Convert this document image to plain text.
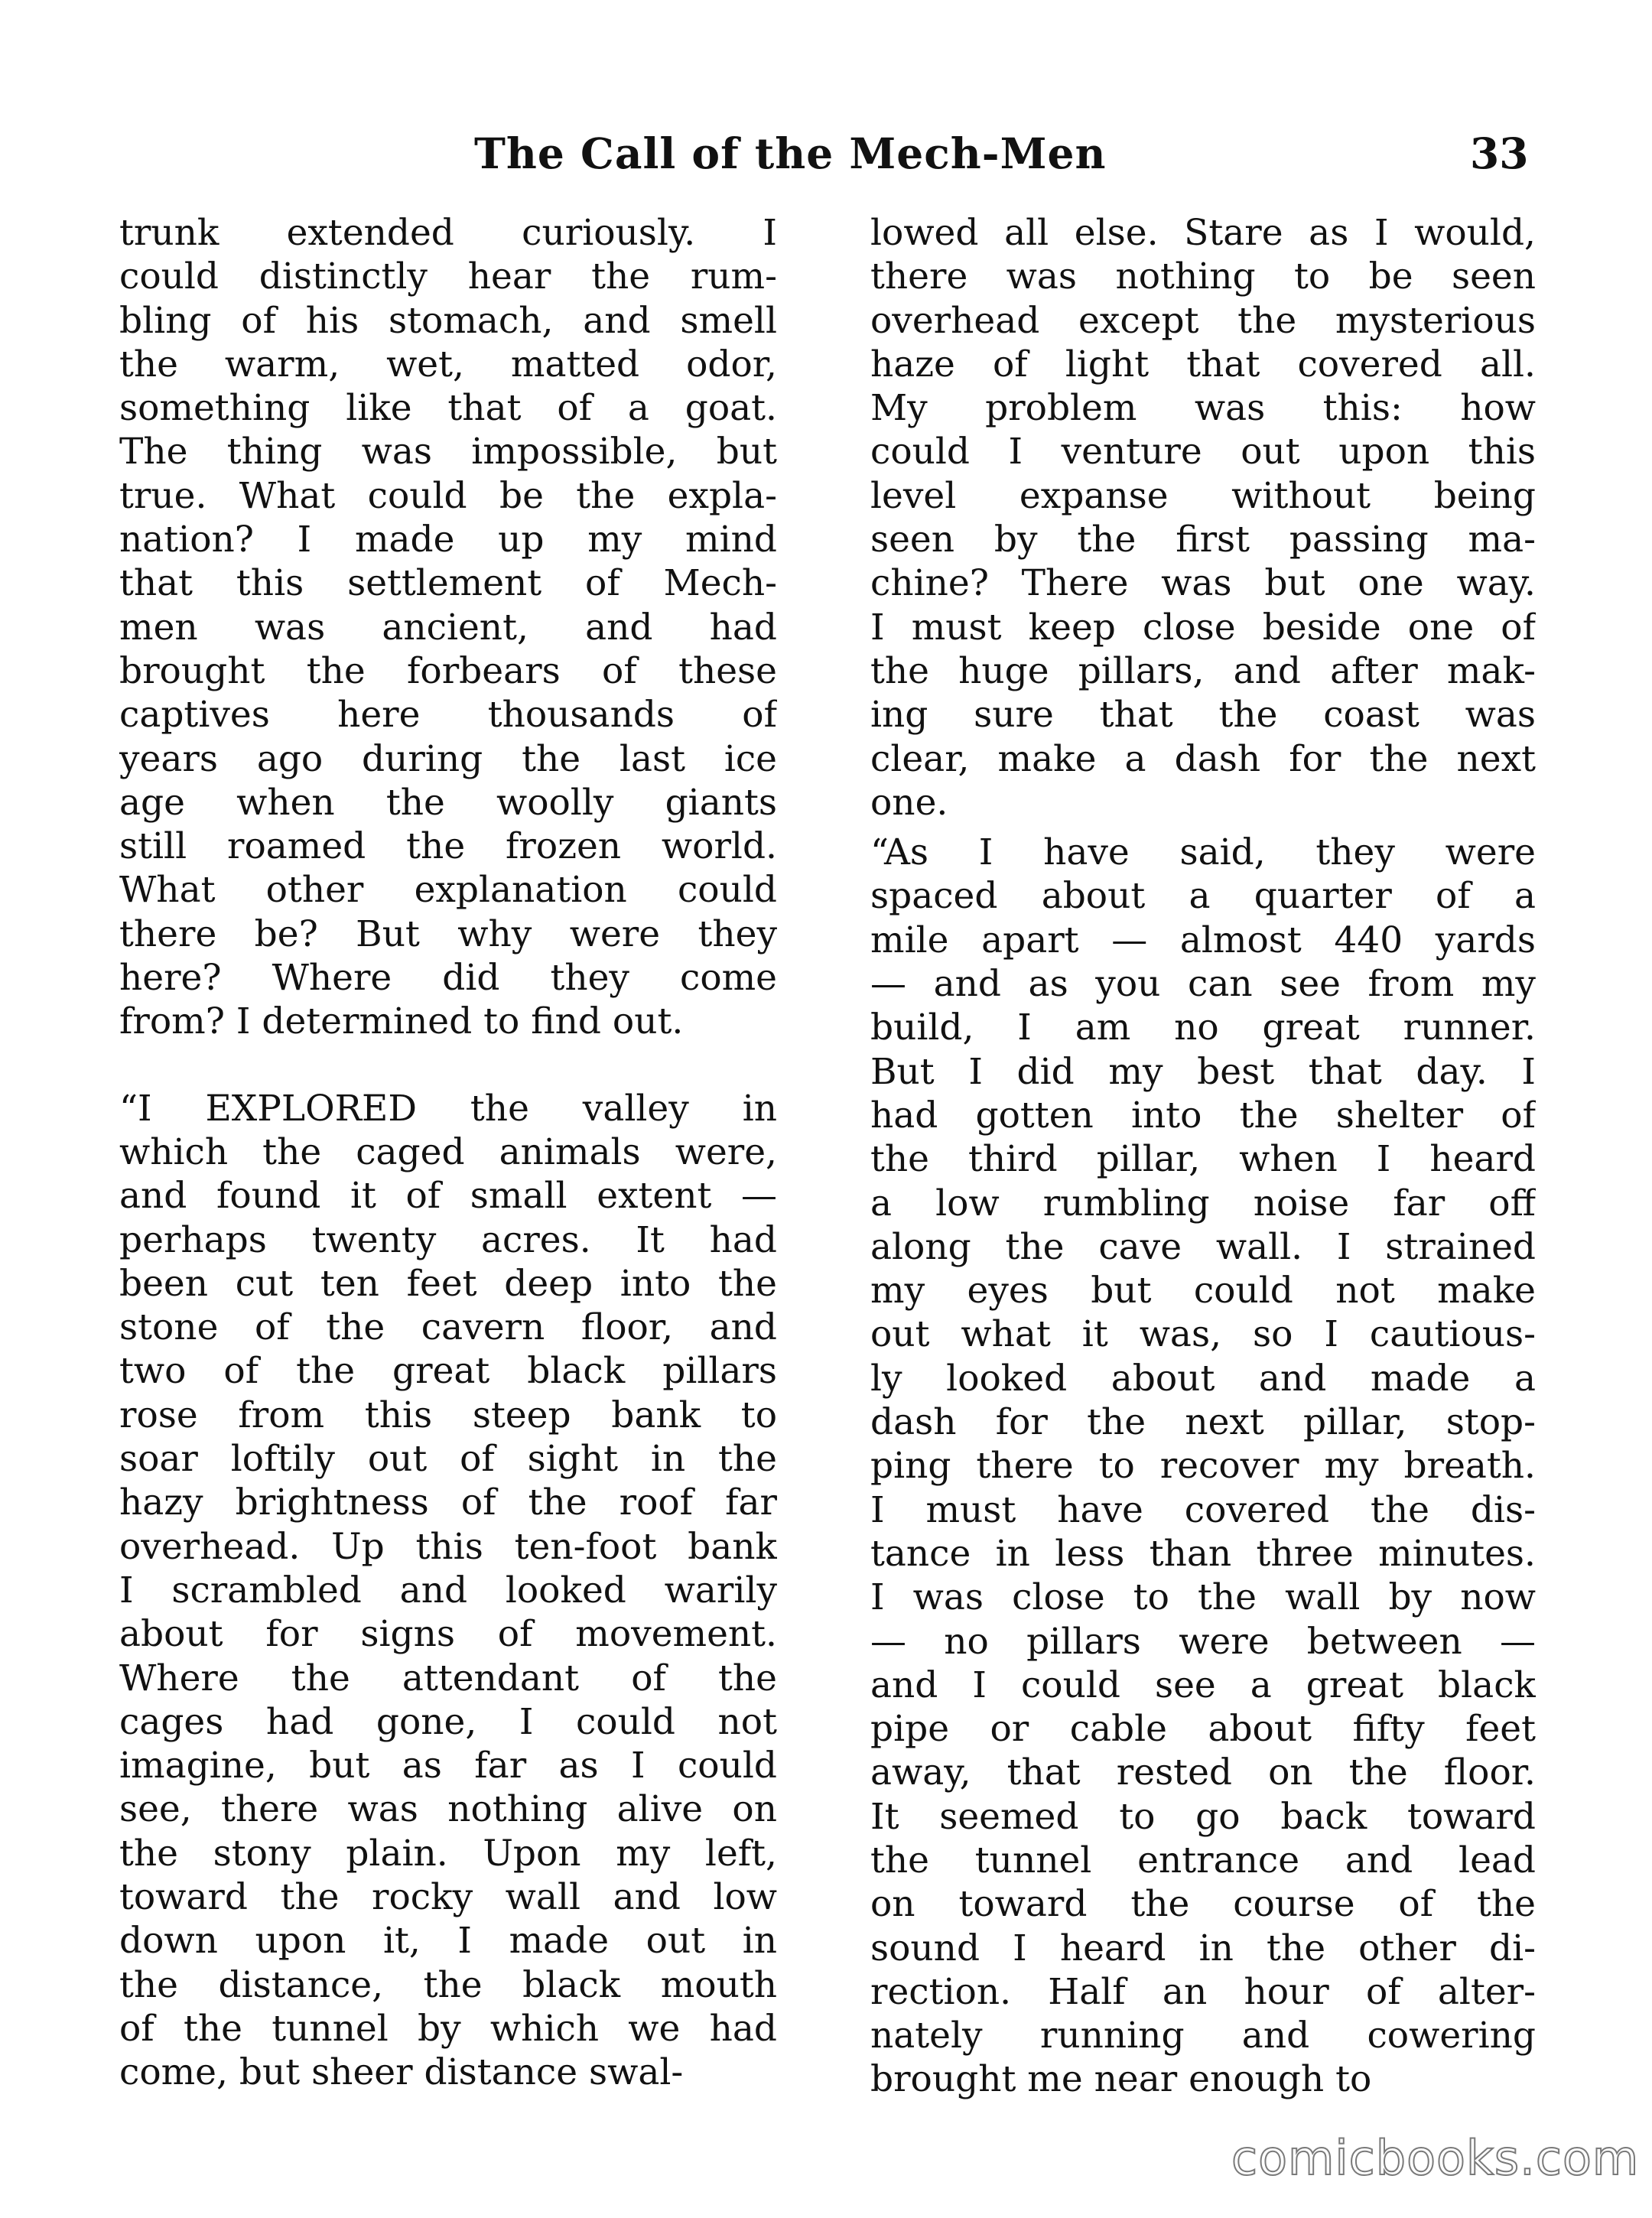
The Call of the Mech-Men	33
trunk extended curiously. I
could distinctly hear the rum-
bling of his stomach, and smell
the warm, wet, matted odor,
something like that of a goat.
The thing was impossible, but
true. What could be the expla-
nation? I made up my mind
that this settlement of Mech-
men was ancient, and had
brought the forbears of these
captives here thousands of
years ago during the last ice
age when the woolly giants
still roamed the frozen world.
What other explanation could
there be? But why were they
here? Where did they come
from? I determined to find out.
“I EXPLORED the valley in
which the caged animals were,
and found it of small extent —
perhaps twenty acres. It had
been cut ten feet deep into the
stone of the cavern floor, and
two of the great black pillars
rose from this steep bank to
soar loftily out of sight in the
hazy brightness of the roof far
overhead. Up this ten-foot bank
I scrambled and looked warily
about for signs of movement.
Where the attendant of the
cages had gone, I could not
imagine, but as far as I could
see, there was nothing alive on
the stony plain. Upon my left,
toward the rocky wall and low
down upon it, I made out in
the distance, the black mouth
of the tunnel by which we had
come, but sheer distance swal-
lowed all else. Stare as I would,
there was nothing to be seen
overhead except the mysterious
haze of light that covered all.
My problem was this: how
could I venture out upon this
level expanse without being
seen by the first passing ma-
chine? There was but one way.
I must keep close beside one of
the huge pillars, and after mak-
ing sure that the coast was
clear, make a dash for the next
one.
“As I have said, they were
spaced about a quarter of a
mile apart — almost 440 yards
— and as you can see from my
build, I am no great runner.
But I did my best that day. I
had gotten into the shelter of
the third pillar, when I heard
a low rumbling noise far off
along the cave wall. I strained
my eyes but could not make
out what it was, so I cautious-
ly looked about and made a
dash for the next pillar, stop-
ping there to recover my breath.
I must have covered the dis-
tance in less than three minutes.
I was close to the wall by now
— no pillars were between —
and I could see a great black
pipe or cable about fifty feet
away, that rested on the floor.
It seemed to go back toward
the tunnel entrance and lead
on toward the course of the
sound I heard in the other di-
rection. Half an hour of alter-
nately running and cowering
brought me near enough to
comicbooks.com
